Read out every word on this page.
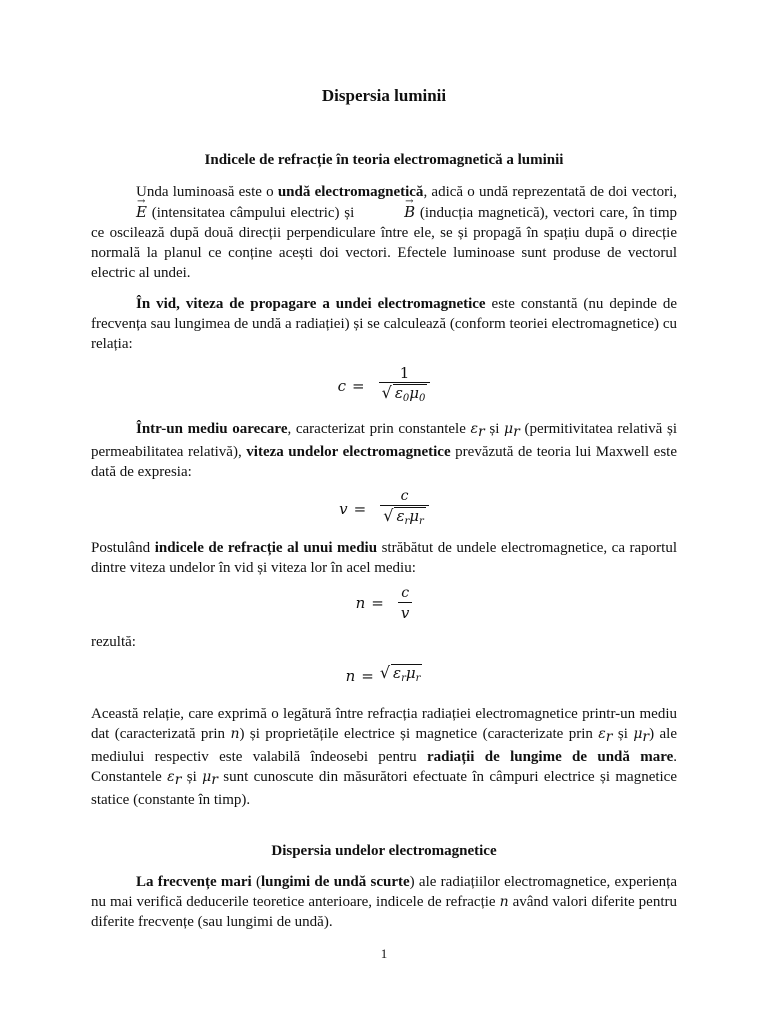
Dispersia luminii
Indicele de refracție în teoria electromagnetică a luminii

Unda luminoasă este o undă electromagnetică, adică o undă reprezentată de doi vectori, → E (intensitatea câmpului electric) și →	B (inducția magnetică), vectori care, în timp ce oscilează după două direcții perpendiculare între ele, se și propagă în spațiu după o direcție normală la planul ce conține acești doi vectori. Efectele luminoase sunt produse de vectorul electric al undei.

În vid, viteza de propagare a undei electromagnetice este constantă (nu depinde de frecvența sau lungimea de undă a radiației) și se calculează (conform teoriei electromagnetice) cu relația:

$c = \frac{1}{√ \varepsilon_0\mu_0}$

Într-un mediu oarecare, caracterizat prin constantele $\varepsilon_r$ și $\mu_r$ (permitivitatea relativă și permeabilitatea relativă), viteza undelor electromagnetice prevăzută de teoria lui Maxwell este dată de expresia:

$v = \frac{c}{√ \varepsilon_r\mu_r}$

Postulând indicele de refracție al unui mediu străbătut de undele electromagnetice, ca raportul dintre viteza undelor în vid și viteza lor în acel mediu:

$n = \frac{c}{v}$

rezultă:

n = √ $\varepsilon_r\mu_r$

Această relație, care exprimă o legătură între refracția radiației electromagnetice printr-un mediu dat (caracterizată prin n) și proprietățile electrice și magnetice (caracterizate prin $\varepsilon_r$ și $\mu_r$) ale mediului respectiv este valabilă îndeosebi pentru radiații de lungime de undă mare. Constantele $\varepsilon_r$ și $\mu_r$ sunt cunoscute din măsurători efectuate în câmpuri electrice și magnetice statice (constante în timp).

Dispersia undelor electromagnetice

La frecvențe mari (lungimi de undă scurte) ale radiațiilor electromagnetice, experiența nu mai verifică deducerile teoretice anterioare, indicele de refracție n având valori diferite pentru diferite frecvențe (sau lungimi de undă).

1
